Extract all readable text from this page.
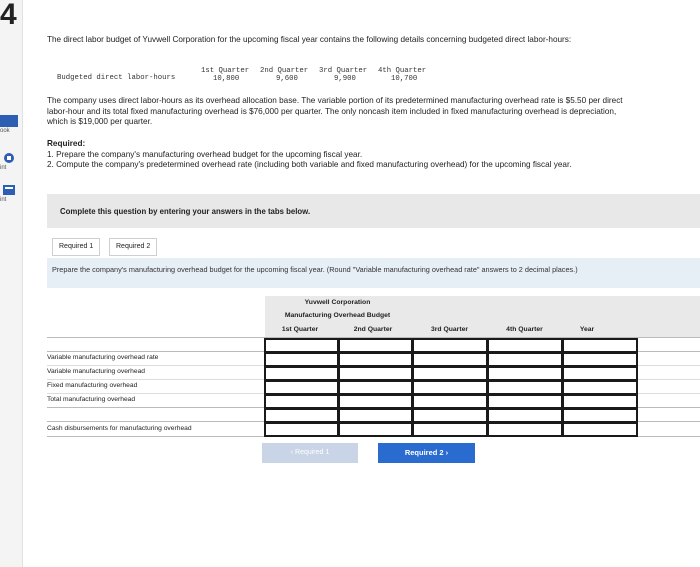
4
ook
int
int
The direct labor budget of Yuvwell Corporation for the upcoming fiscal year contains the following details concerning budgeted direct labor-hours:
Budgeted direct labor-hours
1st Quarter 2nd Quarter 3rd Quarter 4th Quarter
10,800	9,600	9,900	10,700
The company uses direct labor-hours as its overhead allocation base. The variable portion of its predetermined manufacturing overhead rate is $5.50 per direct labor-hour and its total fixed manufacturing overhead is $76,000 per quarter. The only noncash item included in fixed manufacturing overhead is depreciation, which is $19,000 per quarter.
Required:
1. Prepare the company's manufacturing overhead budget for the upcoming fiscal year.
2. Compute the company's predetermined overhead rate (including both variable and fixed manufacturing overhead) for the upcoming fiscal year.
Complete this question by entering your answers in the tabs below.
Required 1	Required 2
Prepare the company's manufacturing overhead budget for the upcoming fiscal year. (Round "Variable manufacturing overhead rate" answers to 2 decimal places.)
Yuvwell Corporation
Manufacturing Overhead Budget
1st Quarter	2nd Quarter	3rd Quarter	4th Quarter	Year
Variable manufacturing overhead rate
Variable manufacturing overhead
Fixed manufacturing overhead
Total manufacturing overhead
Cash disbursements for manufacturing overhead
‹ Required 1	Required 2 ›
